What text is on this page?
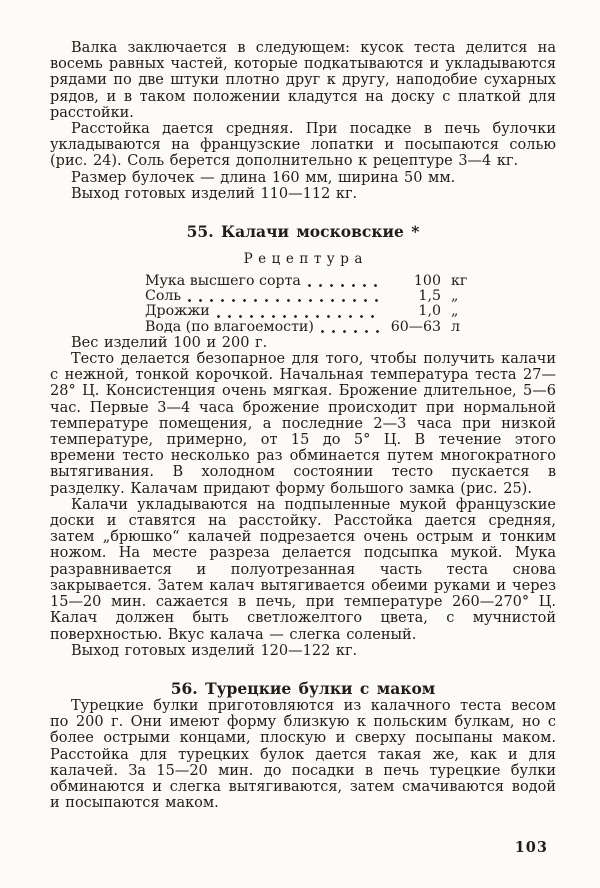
Валка заключается в следующем: кусок теста делится на восемь равных частей, которые подкатываются и укладываются рядами по две штуки плотно друг к другу, наподобие сухарных рядов, и в таком положении кладутся на доску с платкой для расстойки.

Расстойка дается средняя. При посадке в печь булочки укладываются на французские лопатки и посыпаются солью (рис. 24). Соль берется дополнительно к рецептуре 3—4 кг.

Размер булочек — длина 160 мм, ширина 50 мм.

Выход готовых изделий 110—112 кг.

55. Калачи московские *
Рецептура
Мука высшего сорта	100 кг
Соль	1,5 „
Дрожжи	1,0 „
Вода (по влагоемости)	60—63 л

Вес изделий 100 и 200 г.

Тесто делается безопарное для того, чтобы получить калачи с нежной, тонкой корочкой. Начальная температура теста 27—28° Ц. Консистенция очень мягкая. Брожение длительное, 5—6 час. Первые 3—4 часа брожение происходит при нормальной температуре помещения, а последние 2—3 часа при низкой температуре, примерно, от 15 до 5° Ц. В течение этого времени тесто несколько раз обминается путем многократного вытягивания. В холодном состоянии тесто пускается в разделку. Калачам придают форму большого замка (рис. 25).

Калачи укладываются на подпыленные мукой французские доски и ставятся на расстойку. Расстойка дается средняя, затем „брюшко“ калачей подрезается очень острым и тонким ножом. На месте разреза делается подсыпка мукой. Мука разравнивается и полуотрезанная часть теста снова закрывается. Затем калач вытягивается обеими руками и через 15—20 мин. сажается в печь, при температуре 260—270° Ц. Калач должен быть светложелтого цвета, с мучнистой поверхностью. Вкус калача — слегка соленый.

Выход готовых изделий 120—122 кг.

56. Турецкие булки с маком

Турецкие булки приготовляются из калачного теста весом по 200 г. Они имеют форму близкую к польским булкам, но с более острыми концами, плоскую и сверху посыпаны маком. Расстойка для турецких булок дается такая же, как и для калачей. За 15—20 мин. до посадки в печь турецкие булки обминаются и слегка вытягиваются, затем смачиваются водой и посыпаются маком.

103
